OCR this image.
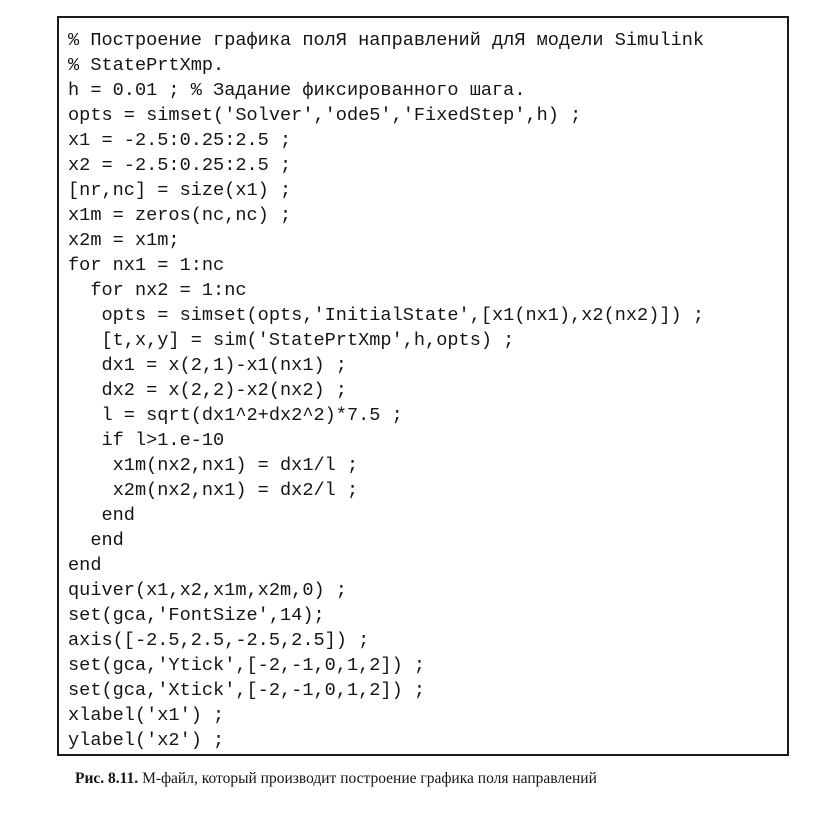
% Построение графика полЯ направлений длЯ модели Simulink
% StatePrtXmp.
h = 0.01 ; % Задание фиксированного шага.
opts = simset('Solver','ode5','FixedStep',h) ;
x1 = -2.5:0.25:2.5 ;
x2 = -2.5:0.25:2.5 ;
[nr,nc] = size(x1) ;
x1m = zeros(nc,nc) ;
x2m = x1m;
for nx1 = 1:nc
for nx2 = 1:nc
opts = simset(opts,'InitialState',[x1(nx1),x2(nx2)]) ;
[t,x,y] = sim('StatePrtXmp',h,opts) ;
dx1 = x(2,1)-x1(nx1) ;
dx2 = x(2,2)-x2(nx2) ;
l = sqrt(dx1^2+dx2^2)*7.5 ;
if l>1.e-10
x1m(nx2,nx1) = dx1/l ;
x2m(nx2,nx1) = dx2/l ;
end
end
end
quiver(x1,x2,x1m,x2m,0) ;
set(gca,'FontSize',14);
axis([-2.5,2.5,-2.5,2.5]) ;
set(gca,'Ytick',[-2,-1,0,1,2]) ;
set(gca,'Xtick',[-2,-1,0,1,2]) ;
xlabel('x1') ;
ylabel('x2') ;
Рис. 8.11. M-файл, который производит построение графика поля направлений
